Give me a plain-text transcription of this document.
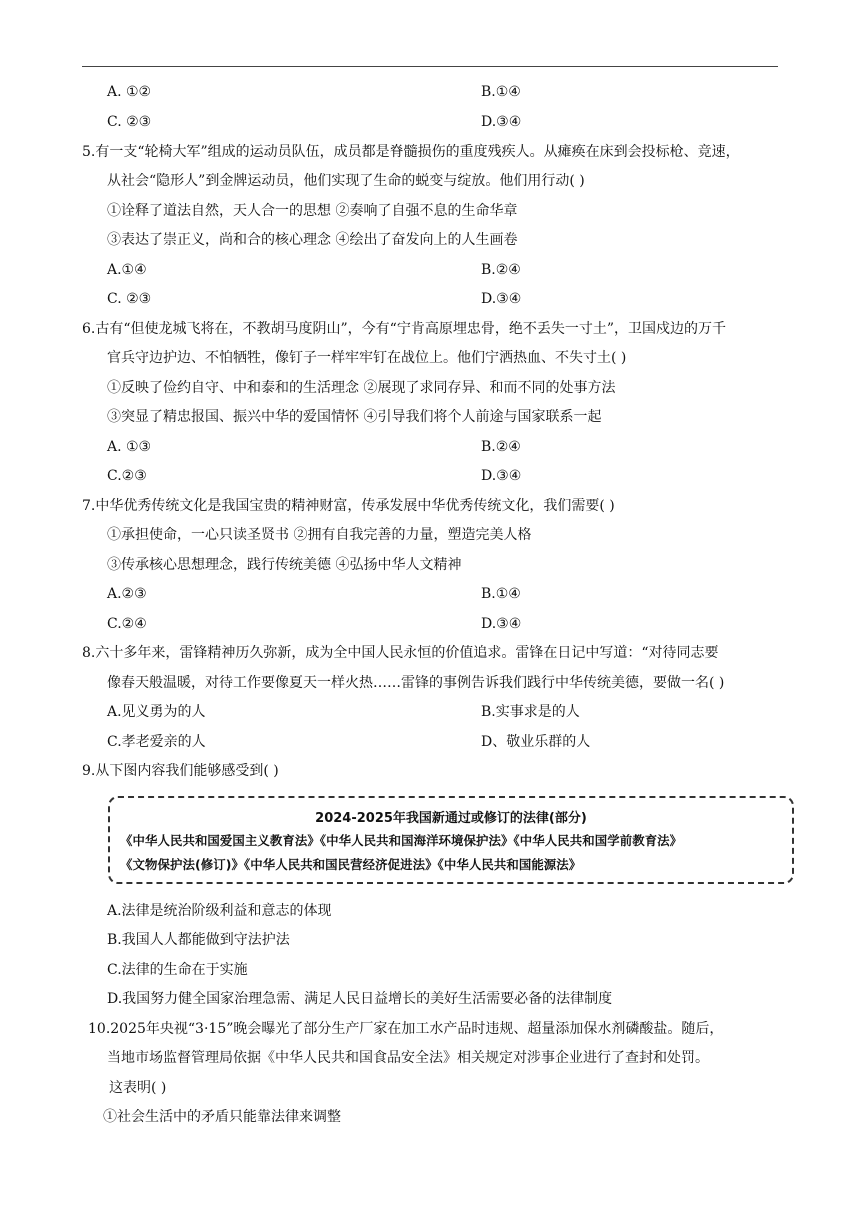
A. ①②	B.①④
C. ②③	D.③④
5.有一支“轮椅大军”组成的运动员队伍，成员都是脊髓损伤的重度残疾人。从瘫痪在床到会投标枪、竞速，
从社会“隐形人”到金牌运动员，他们实现了生命的蜕变与绽放。他们用行动( )
①诠释了道法自然，天人合一的思想 ②奏响了自强不息的生命华章
③表达了崇正义，尚和合的核心理念 ④绘出了奋发向上的人生画卷
A.①④	B.②④
C. ②③	D.③④
6.古有“但使龙城飞将在，不教胡马度阴山”，今有“宁肯高原埋忠骨，绝不丢失一寸土”，卫国戍边的万千
官兵守边护边、不怕牺牲，像钉子一样牢牢钉在战位上。他们宁洒热血、不失寸土( )
①反映了俭约自守、中和泰和的生活理念 ②展现了求同存异、和而不同的处事方法
③突显了精忠报国、振兴中华的爱国情怀 ④引导我们将个人前途与国家联系一起
A. ①③	B.②④
C.②③	D.③④
7.中华优秀传统文化是我国宝贵的精神财富，传承发展中华优秀传统文化，我们需要( )
①承担使命，一心只读圣贤书 ②拥有自我完善的力量，塑造完美人格
③传承核心思想理念，践行传统美德 ④弘扬中华人文精神
A.②③	B.①④
C.②④	D.③④
8.六十多年来，雷锋精神历久弥新，成为全中国人民永恒的价值追求。雷锋在日记中写道：“对待同志要
像春天般温暖，对待工作要像夏天一样火热……雷锋的事例告诉我们践行中华传统美德，要做一名( )
A.见义勇为的人	B.实事求是的人
C.孝老爱亲的人	D、敬业乐群的人
9.从下图内容我们能够感受到( )
2024-2025年我国新通过或修订的法律(部分)
《中华人民共和国爱国主义教育法》《中华人民共和国海洋环境保护法》《中华人民共和国学前教育法》
《文物保护法(修订)》《中华人民共和国民营经济促进法》《中华人民共和国能源法》
A.法律是统治阶级利益和意志的体现
B.我国人人都能做到守法护法
C.法律的生命在于实施
D.我国努力健全国家治理急需、满足人民日益增长的美好生活需要必备的法律制度
10.2025年央视“3·15”晚会曝光了部分生产厂家在加工水产品时违规、超量添加保水剂磷酸盐。随后，
当地市场监督管理局依据《中华人民共和国食品安全法》相关规定对涉事企业进行了查封和处罚。
这表明( )
①社会生活中的矛盾只能靠法律来调整
